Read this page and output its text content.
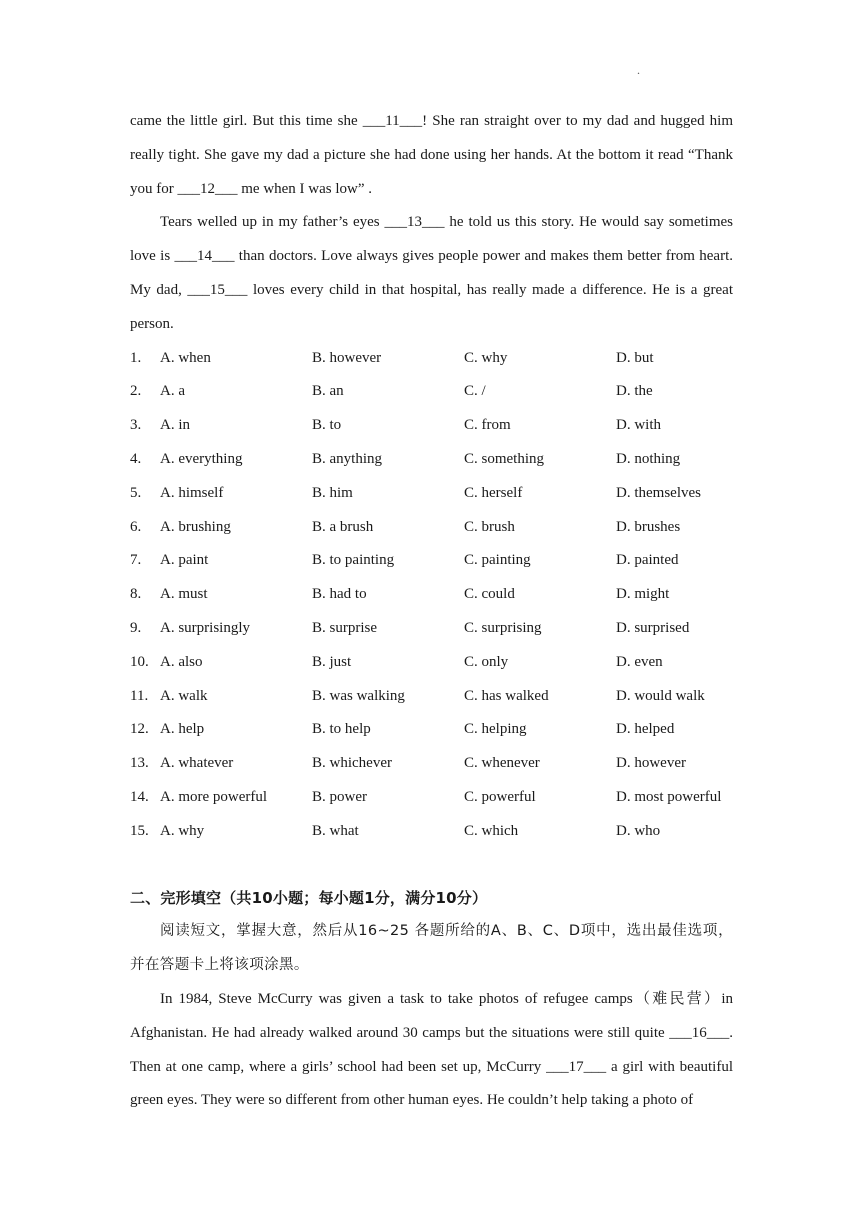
.

came the little girl. But this time she ___11___! She ran straight over to my dad and hugged him really tight. She gave my dad a picture she had done using her hands. At the bottom it read “Thank you for ___12___ me when I was low” .

Tears welled up in my father’s eyes ___13___ he told us this story. He would say sometimes love is ___14___ than doctors. Love always gives people power and makes them better from heart. My dad, ___15___ loves every child in that hospital, has really made a difference. He is a great person.

1. A. when	B. however	C. why	D. but
2. A. a	B. an	C. /	D. the
3. A. in	B. to	C. from	D. with
4. A. everything	B. anything	C. something	D. nothing
5. A. himself	B. him	C. herself	D. themselves
6. A. brushing	B. a brush	C. brush	D. brushes
7. A. paint	B. to painting	C. painting	D. painted
8. A. must	B. had to	C. could	D. might
9. A. surprisingly	B. surprise	C. surprising	D. surprised
10. A. also	B. just	C. only	D. even
11. A. walk	B. was walking	C. has walked	D. would walk
12. A. help	B. to help	C. helping	D. helped
13. A. whatever	B. whichever	C. whenever	D. however
14. A. more powerful	B. power	C. powerful	D. most powerful
15. A. why	B. what	C. which	D. who

二、完形填空（共10小题；每小题1分，满分10分）

阅读短文，掌握大意，然后从16~25 各题所给的A、B、C、D项中，选出最佳选项，并在答题卡上将该项涂黑。

In 1984, Steve McCurry was given a task to take photos of refugee camps（难民营）in Afghanistan. He had already walked around 30 camps but the situations were still quite ___16___. Then at one camp, where a girls’ school had been set up, McCurry ___17___ a girl with beautiful green eyes. They were so different from other human eyes. He couldn’t help taking a photo of
